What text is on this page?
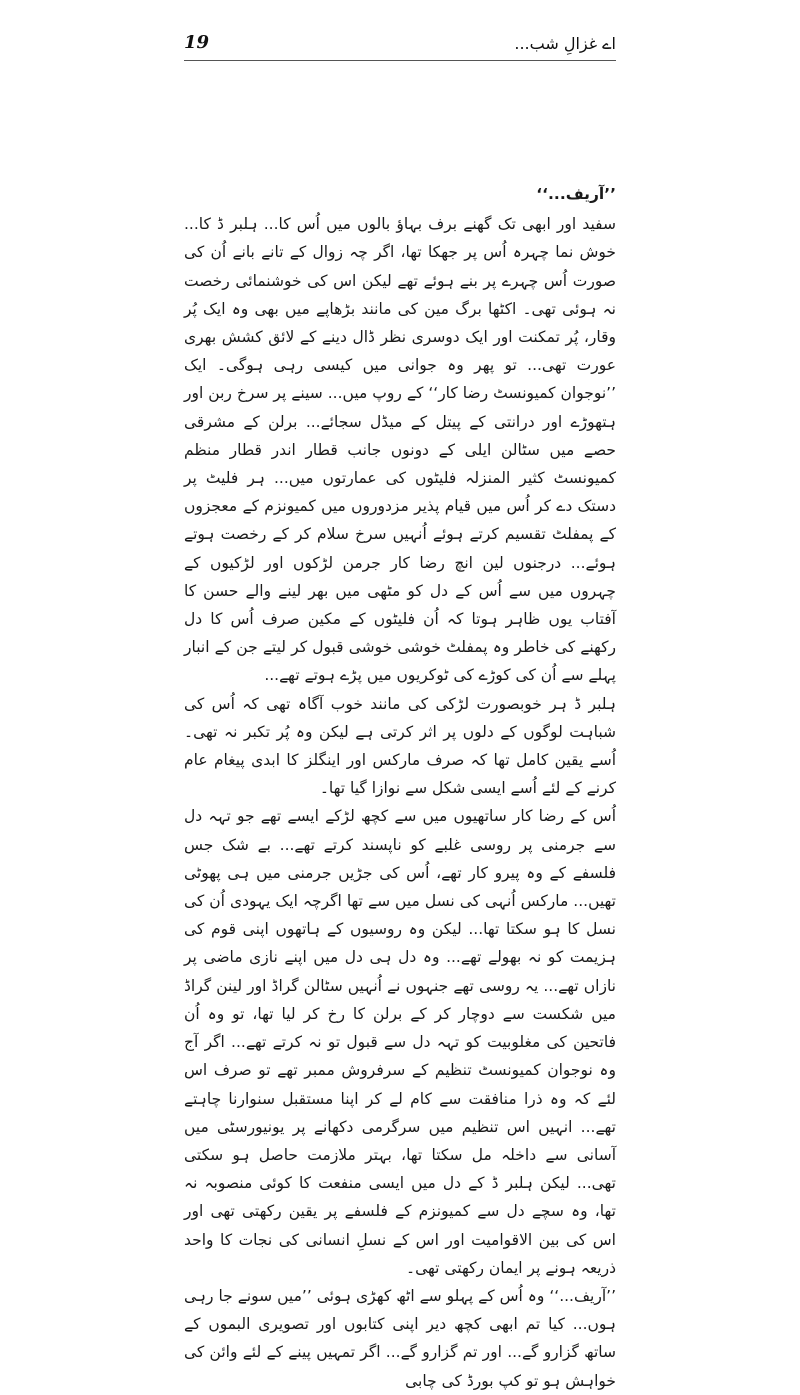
19	اے غزالِ شب...

’’آریف...‘‘

سفید اور ابھی تک گھنے برف بہاؤ بالوں میں اُس کا... ہلبر ڈ کا... خوش نما چہرہ اُس پر جھکا تھا، اگر چہ زوال کے تانے بانے اُن کی صورت اُس چہرے پر بنے ہوئے تھے لیکن اس کی خوشنمائی رخصت نہ ہوئی تھی۔ اکٹھا برگ مین کی مانند بڑھاپے میں بھی وہ ایک پُر وقار، پُر تمکنت اور ایک دوسری نظر ڈال دینے کے لائق کشش بھری عورت تھی... تو پھر وہ جوانی میں کیسی رہی ہوگی۔ ایک ’’نوجوان کمیونسٹ رضا کار‘‘ کے روپ میں... سینے پر سرخ ربن اور ہتھوڑے اور درانتی کے پیتل کے میڈل سجائے... برلن کے مشرقی حصے میں سٹالن ایلی کے دونوں جانب قطار اندر قطار منظم کمیونسٹ کثیر المنزلہ فلیٹوں کی عمارتوں میں... ہر فلیٹ پر دستک دے کر اُس میں قیام پذیر مزدوروں میں کمیونزم کے معجزوں کے پمفلٹ تقسیم کرتے ہوئے اُنہیں سرخ سلام کر کے رخصت ہوتے ہوئے... درجنوں لین انچ رضا کار جرمن لڑکوں اور لڑکیوں کے چہروں میں سے اُس کے دل کو مٹھی میں بھر لینے والے حسن کا آفتاب یوں ظاہر ہوتا کہ اُن فلیٹوں کے مکین صرف اُس کا دل رکھنے کی خاطر وہ پمفلٹ خوشی خوشی قبول کر لیتے جن کے انبار پہلے سے اُن کی کوڑے کی ٹوکریوں میں پڑے ہوتے تھے...

ہلبر ڈ ہر خوبصورت لڑکی کی مانند خوب آگاہ تھی کہ اُس کی شباہت لوگوں کے دلوں پر اثر کرتی ہے لیکن وہ پُر تکبر نہ تھی۔ اُسے یقین کامل تھا کہ صرف مارکس اور اینگلز کا ابدی پیغام عام کرنے کے لئے اُسے ایسی شکل سے نوازا گیا تھا۔

اُس کے رضا کار ساتھیوں میں سے کچھ لڑکے ایسے تھے جو تہہ دل سے جرمنی پر روسی غلبے کو ناپسند کرتے تھے... بے شک جس فلسفے کے وہ پیرو کار تھے، اُس کی جڑیں جرمنی میں ہی پھوٹی تھیں... مارکس اُنہی کی نسل میں سے تھا اگرچہ ایک یہودی اُن کی نسل کا ہو سکتا تھا... لیکن وہ روسیوں کے ہاتھوں اپنی قوم کی ہزیمت کو نہ بھولے تھے... وہ دل ہی دل میں اپنے نازی ماضی پر نازاں تھے... یہ روسی تھے جنہوں نے اُنہیں سٹالن گراڈ اور لینن گراڈ میں شکست سے دوچار کر کے برلن کا رخ کر لیا تھا، تو وہ اُن فاتحین کی مغلوبیت کو تہہ دل سے قبول تو نہ کرتے تھے... اگر آج وہ نوجوان کمیونسٹ تنظیم کے سرفروش ممبر تھے تو صرف اس لئے کہ وہ ذرا منافقت سے کام لے کر اپنا مستقبل سنوارنا چاہتے تھے... انہیں اس تنظیم میں سرگرمی دکھانے پر یونیورسٹی میں آسانی سے داخلہ مل سکتا تھا، بہتر ملازمت حاصل ہو سکتی تھی... لیکن ہلبر ڈ کے دل میں ایسی منفعت کا کوئی منصوبہ نہ تھا، وہ سچے دل سے کمیونزم کے فلسفے پر یقین رکھتی تھی اور اس کی بین الاقوامیت اور اس کے نسلِ انسانی کی نجات کا واحد ذریعہ ہونے پر ایمان رکھتی تھی۔

’’آریف...‘‘ وہ اُس کے پہلو سے اٹھ کھڑی ہوئی ’’میں سونے جا رہی ہوں... کیا تم ابھی کچھ دیر اپنی کتابوں اور تصویری البموں کے ساتھ گزارو گے... اور تم گزارو گے... اگر تمہیں پینے کے لئے وائن کی خواہش ہو تو کپ بورڈ کی چابی
